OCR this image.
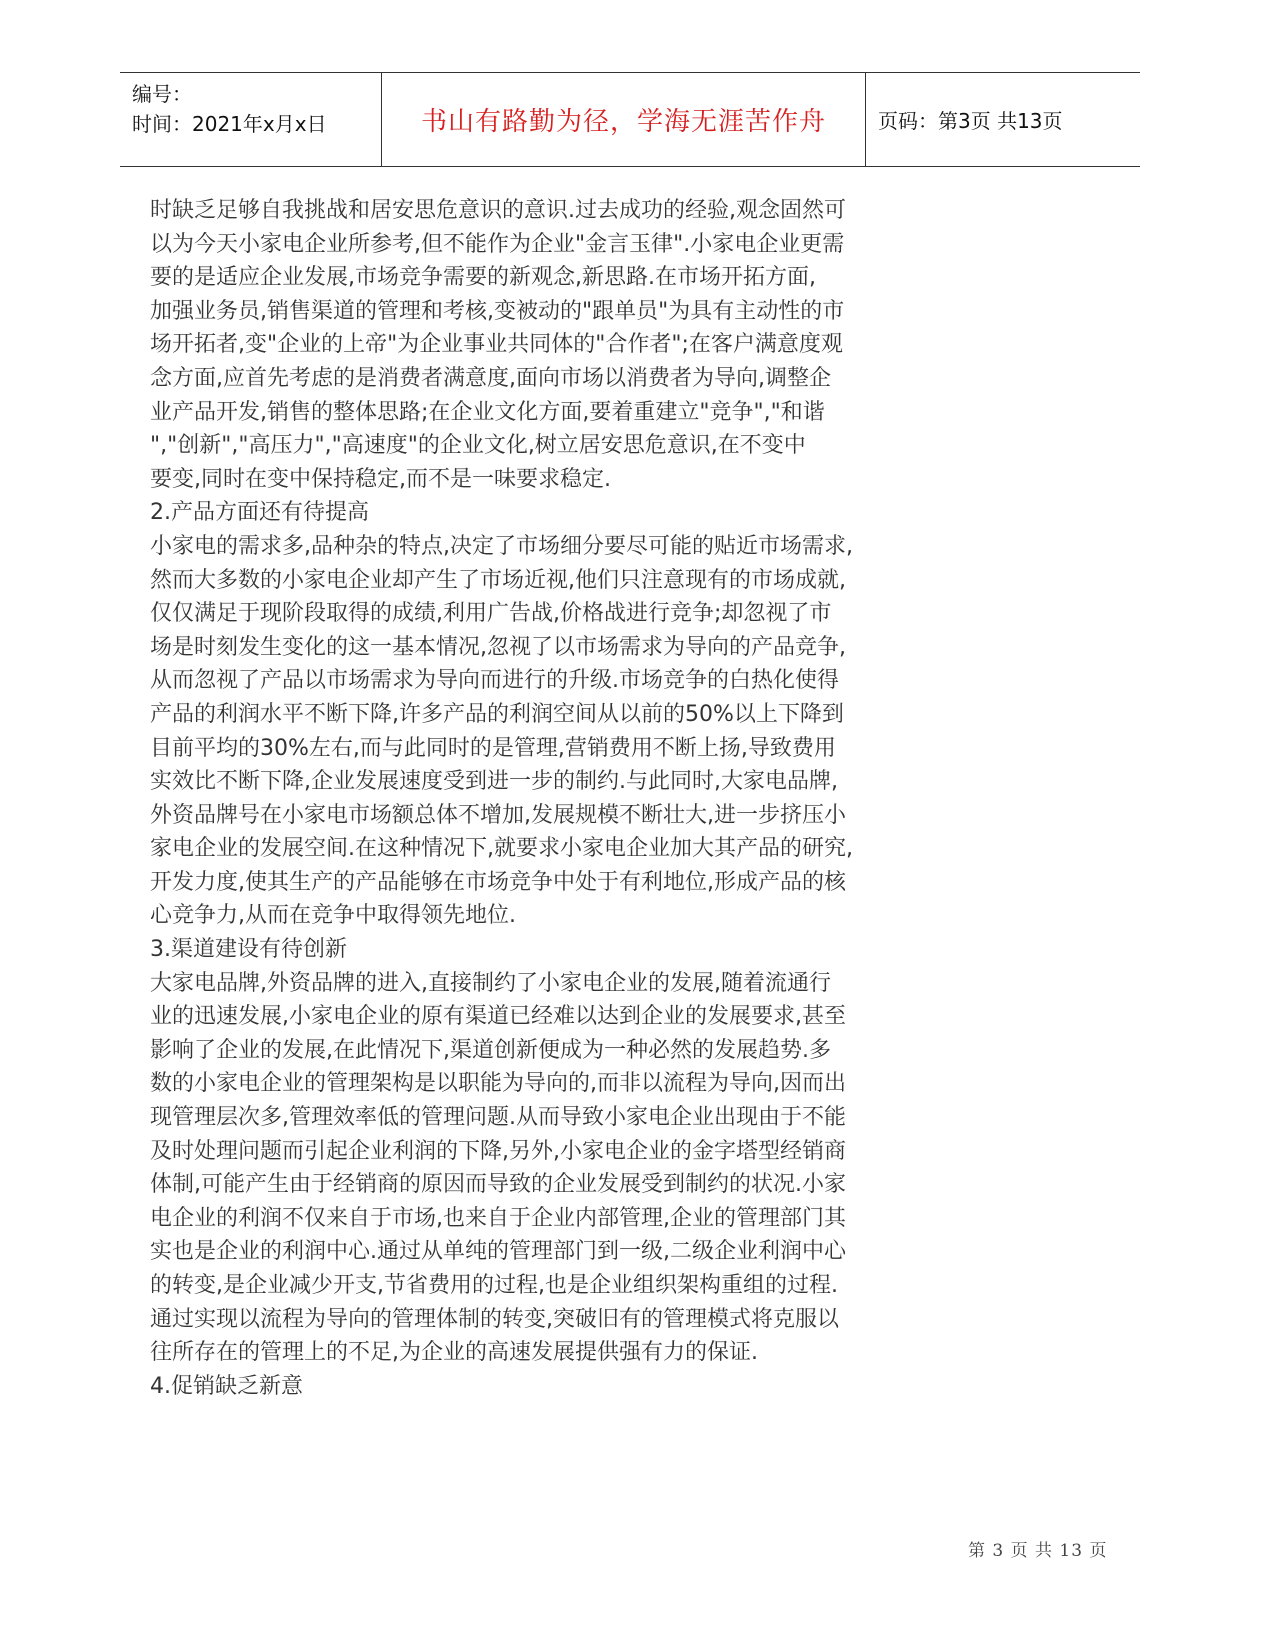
编号：
时间：2021年x月x日	书山有路勤为径，学海无涯苦作舟	页码：第3页 共13页
时缺乏足够自我挑战和居安思危意识的意识.过去成功的经验,观念固然可
以为今天小家电企业所参考,但不能作为企业"金言玉律".小家电企业更需
要的是适应企业发展,市场竞争需要的新观念,新思路.在市场开拓方面,
加强业务员,销售渠道的管理和考核,变被动的"跟单员"为具有主动性的市
场开拓者,变"企业的上帝"为企业事业共同体的"合作者";在客户满意度观
念方面,应首先考虑的是消费者满意度,面向市场以消费者为导向,调整企
业产品开发,销售的整体思路;在企业文化方面,要着重建立"竞争","和谐
","创新","高压力","高速度"的企业文化,树立居安思危意识,在不变中
要变,同时在变中保持稳定,而不是一味要求稳定.
2.产品方面还有待提高
小家电的需求多,品种杂的特点,决定了市场细分要尽可能的贴近市场需求,
然而大多数的小家电企业却产生了市场近视,他们只注意现有的市场成就,
仅仅满足于现阶段取得的成绩,利用广告战,价格战进行竞争;却忽视了市
场是时刻发生变化的这一基本情况,忽视了以市场需求为导向的产品竞争,
从而忽视了产品以市场需求为导向而进行的升级.市场竞争的白热化使得
产品的利润水平不断下降,许多产品的利润空间从以前的50%以上下降到
目前平均的30%左右,而与此同时的是管理,营销费用不断上扬,导致费用
实效比不断下降,企业发展速度受到进一步的制约.与此同时,大家电品牌,
外资品牌号在小家电市场额总体不增加,发展规模不断壮大,进一步挤压小
家电企业的发展空间.在这种情况下,就要求小家电企业加大其产品的研究,
开发力度,使其生产的产品能够在市场竞争中处于有利地位,形成产品的核
心竞争力,从而在竞争中取得领先地位.
3.渠道建设有待创新
大家电品牌,外资品牌的进入,直接制约了小家电企业的发展,随着流通行
业的迅速发展,小家电企业的原有渠道已经难以达到企业的发展要求,甚至
影响了企业的发展,在此情况下,渠道创新便成为一种必然的发展趋势.多
数的小家电企业的管理架构是以职能为导向的,而非以流程为导向,因而出
现管理层次多,管理效率低的管理问题.从而导致小家电企业出现由于不能
及时处理问题而引起企业利润的下降,另外,小家电企业的金字塔型经销商
体制,可能产生由于经销商的原因而导致的企业发展受到制约的状况.小家
电企业的利润不仅来自于市场,也来自于企业内部管理,企业的管理部门其
实也是企业的利润中心.通过从单纯的管理部门到一级,二级企业利润中心
的转变,是企业减少开支,节省费用的过程,也是企业组织架构重组的过程.
通过实现以流程为导向的管理体制的转变,突破旧有的管理模式将克服以
往所存在的管理上的不足,为企业的高速发展提供强有力的保证.
4.促销缺乏新意
第 3 页 共 13 页
